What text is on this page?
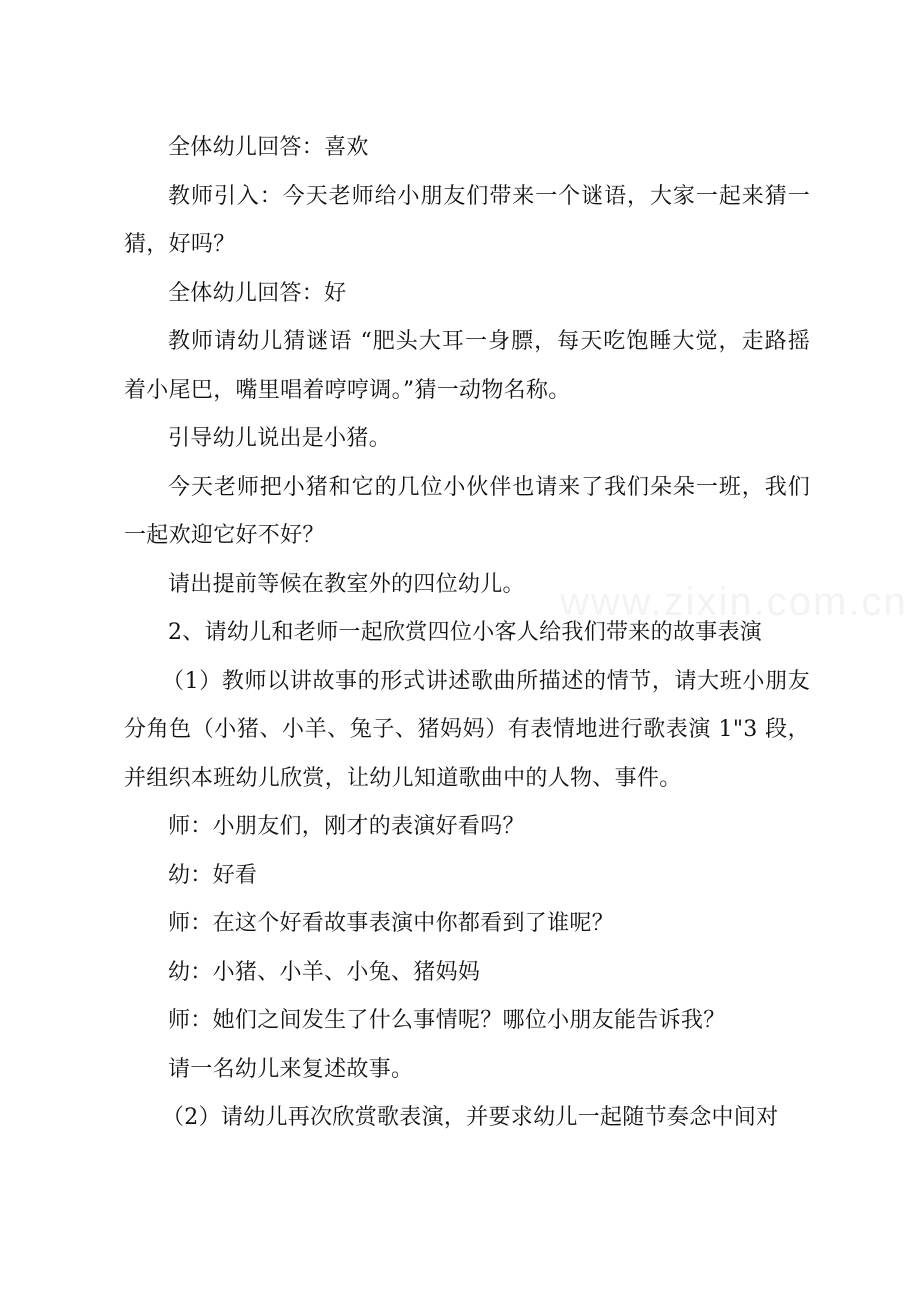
www.zixin.com.cn

全体幼儿回答：喜欢

教师引入：今天老师给小朋友们带来一个谜语，大家一起来猜一猜，好吗？

全体幼儿回答：好

教师请幼儿猜谜语 “肥头大耳一身膘，每天吃饱睡大觉，走路摇着小尾巴，嘴里唱着哼哼调。”猜一动物名称。

引导幼儿说出是小猪。

今天老师把小猪和它的几位小伙伴也请来了我们朵朵一班，我们一起欢迎它好不好？

请出提前等候在教室外的四位幼儿。

2、请幼儿和老师一起欣赏四位小客人给我们带来的故事表演

（1）教师以讲故事的形式讲述歌曲所描述的情节，请大班小朋友分角色（小猪、小羊、兔子、猪妈妈）有表情地进行歌表演 1"3 段，并组织本班幼儿欣赏，让幼儿知道歌曲中的人物、事件。

师：小朋友们，刚才的表演好看吗？

幼：好看

师：在这个好看故事表演中你都看到了谁呢？

幼：小猪、小羊、小兔、猪妈妈

师：她们之间发生了什么事情呢？哪位小朋友能告诉我？

请一名幼儿来复述故事。

（2）请幼儿再次欣赏歌表演，并要求幼儿一起随节奏念中间对
